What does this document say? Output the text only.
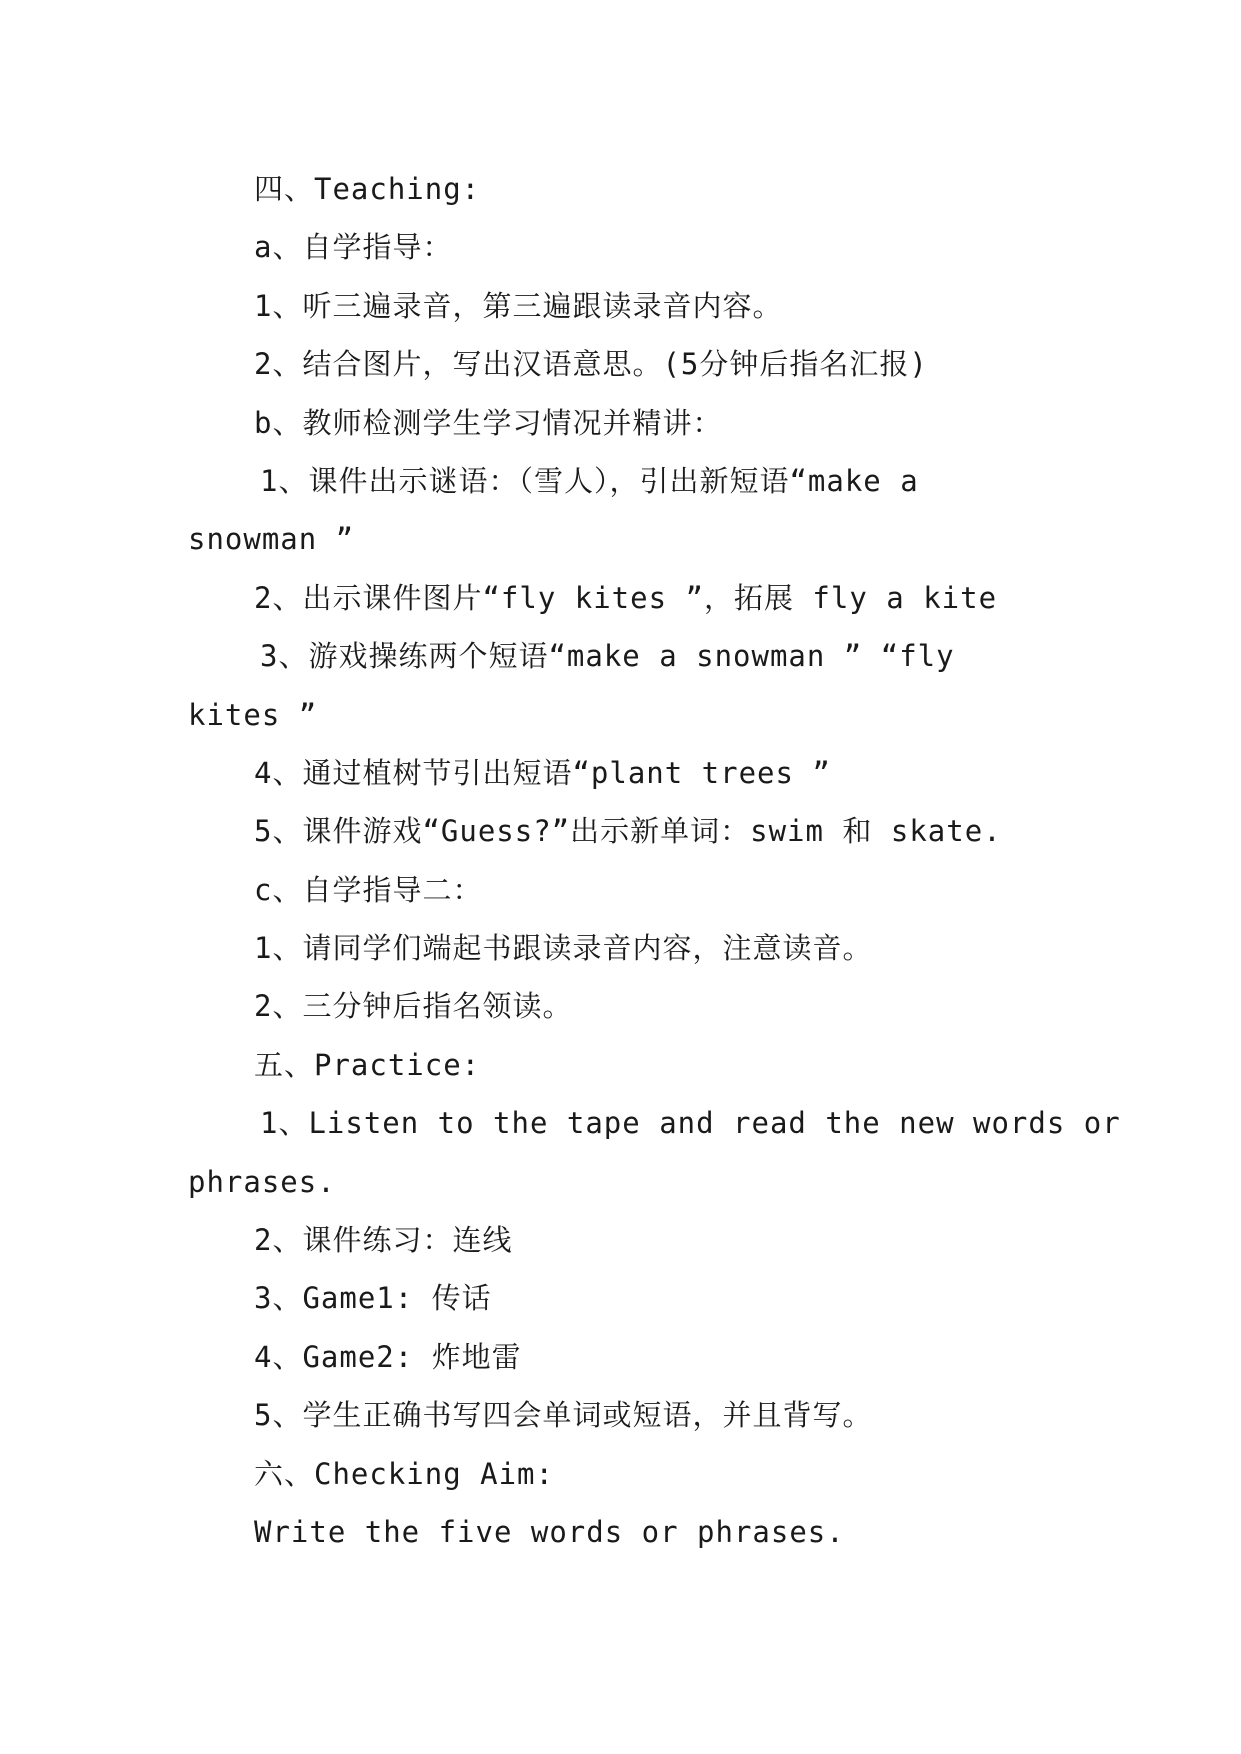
四、Teaching:
a、自学指导：
1、听三遍录音，第三遍跟读录音内容。
2、结合图片，写出汉语意思。(5分钟后指名汇报)
b、教师检测学生学习情况并精讲：
1、课件出示谜语：（雪人），引出新短语“make a
snowman ”
2、出示课件图片“fly kites ”，拓展 fly a kite
3、游戏操练两个短语“make a snowman ” “fly
kites ”
4、通过植树节引出短语“plant trees ”
5、课件游戏“Guess?”出示新单词：swim 和 skate.
c、自学指导二：
1、请同学们端起书跟读录音内容，注意读音。
2、三分钟后指名领读。
五、Practice:
1、Listen to the tape and read the new words or
phrases.
2、课件练习：连线
3、Game1: 传话
4、Game2: 炸地雷
5、学生正确书写四会单词或短语，并且背写。
六、Checking Aim:
Write the five words or phrases.
